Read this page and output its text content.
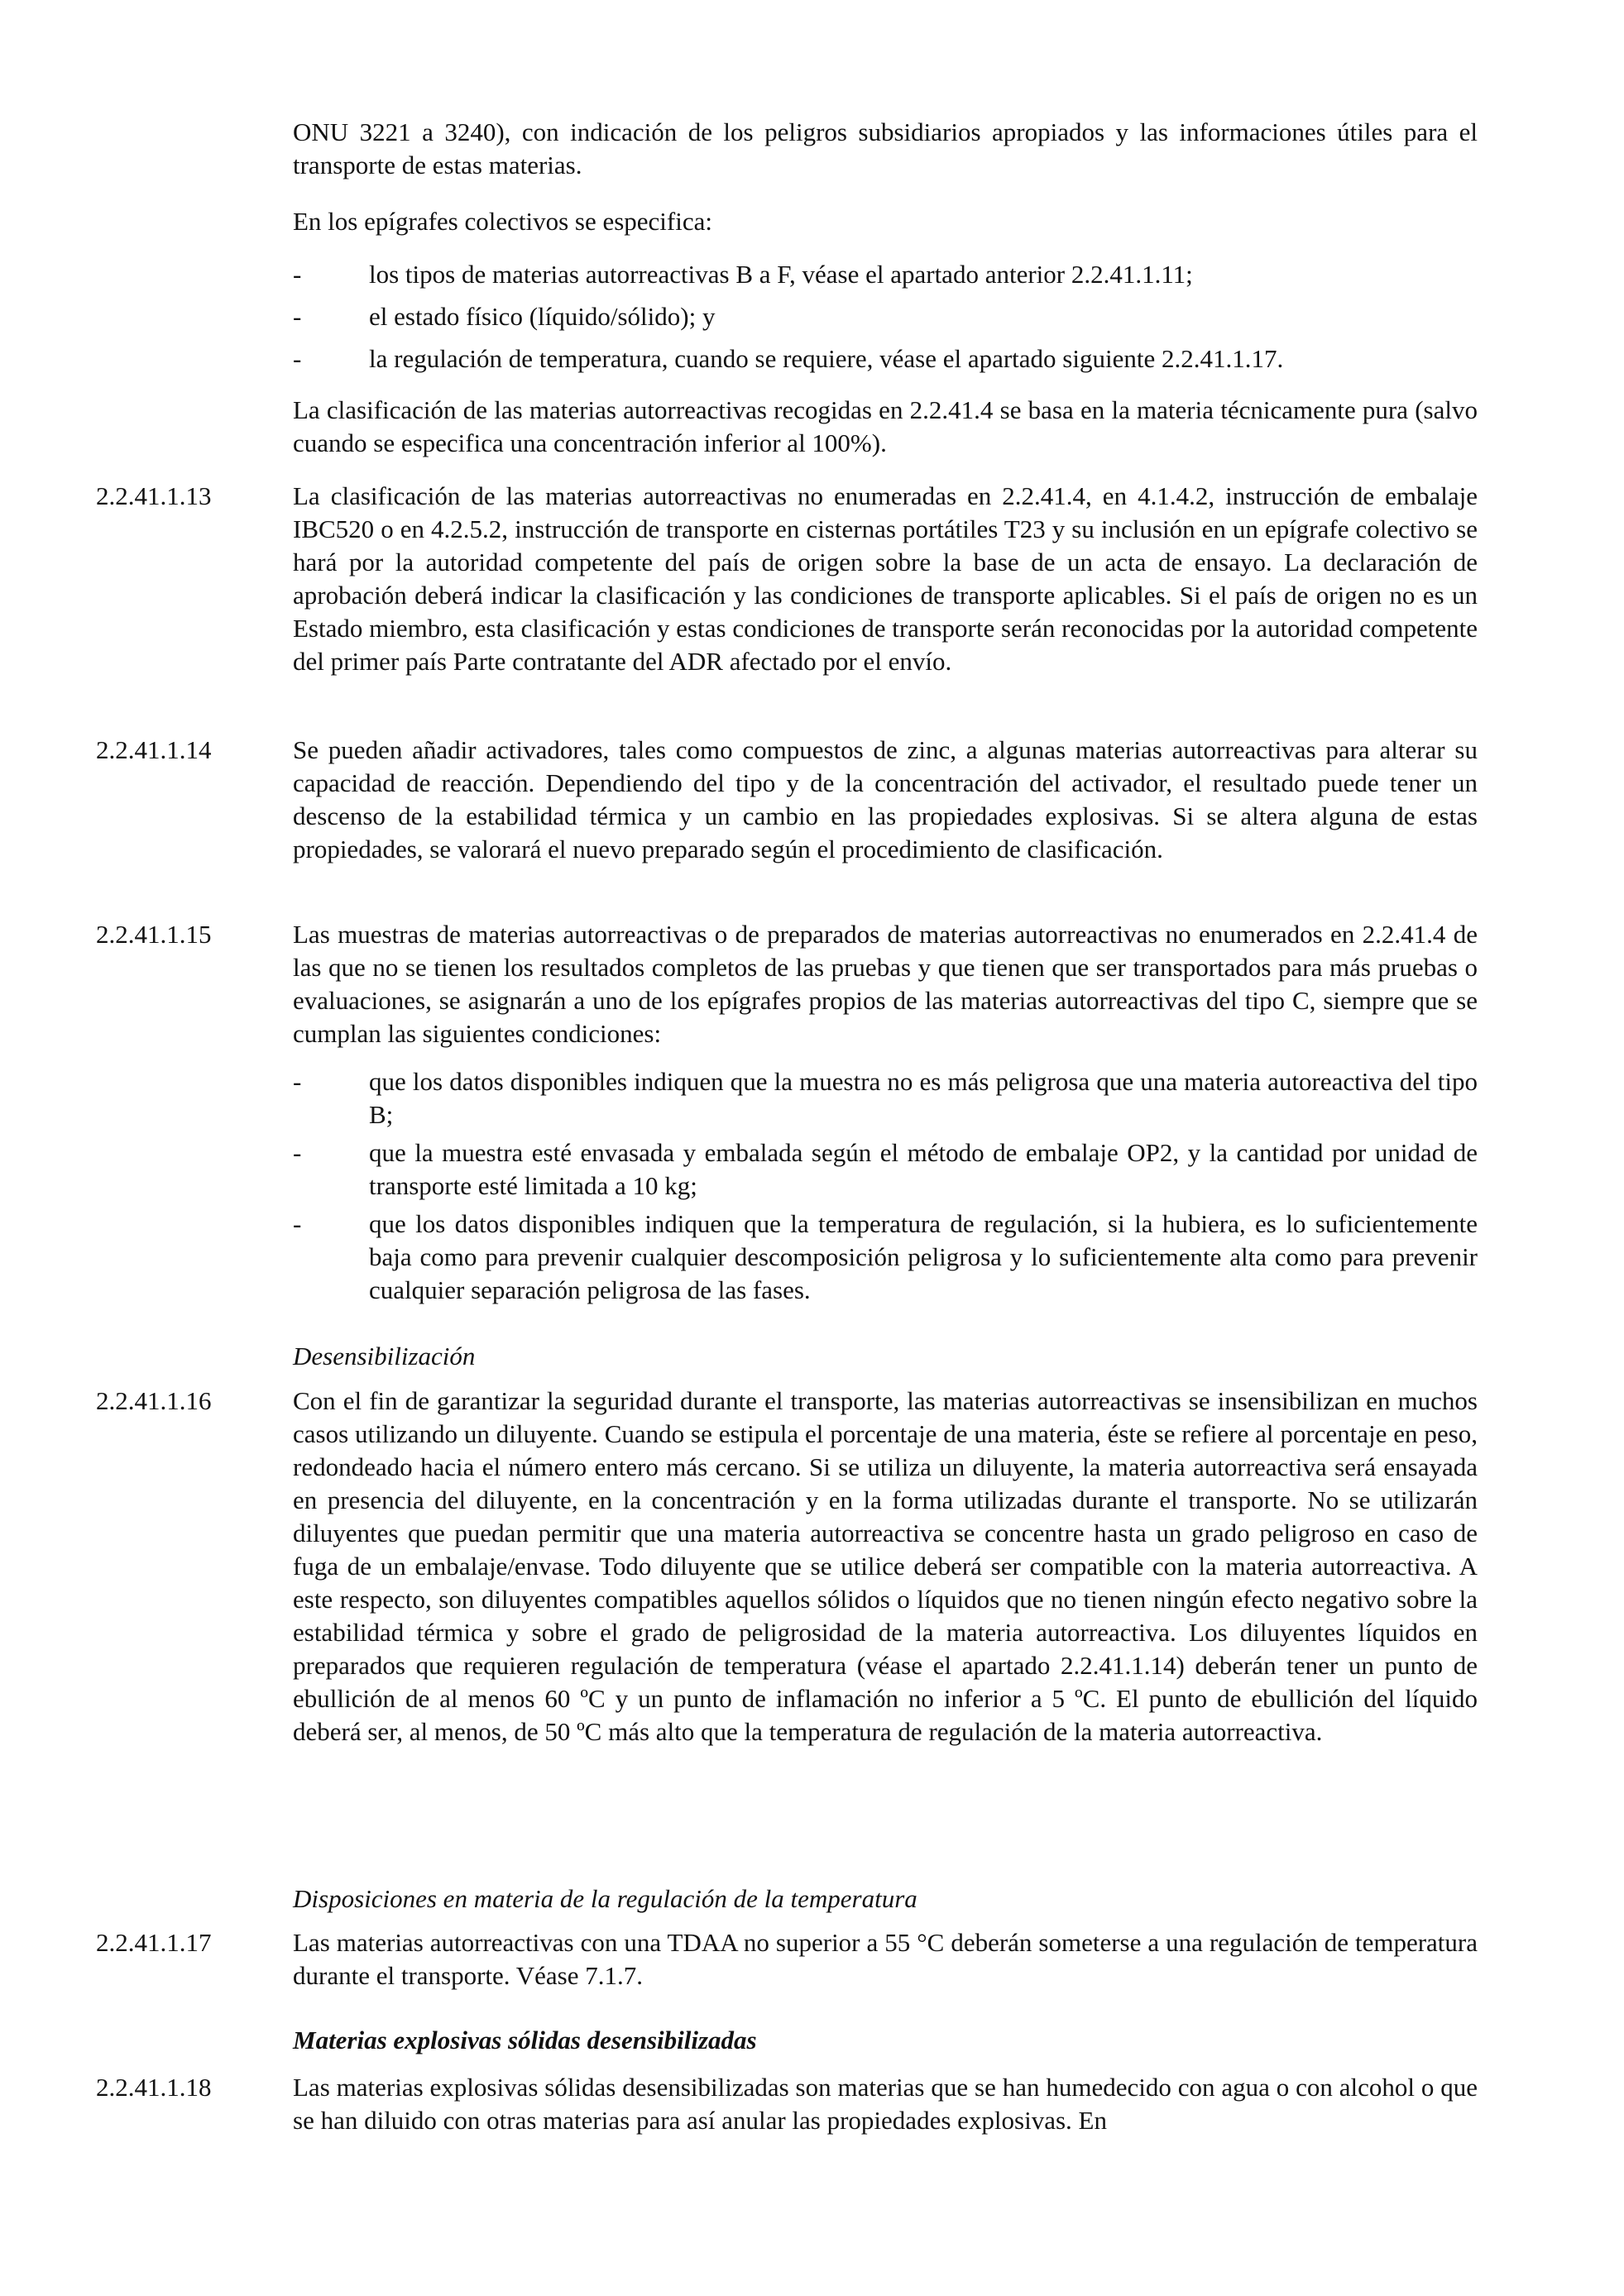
ONU 3221 a 3240), con indicación de los peligros subsidiarios apropiados y las informaciones útiles para el transporte de estas materias.

En los epígrafes colectivos se especifica:

-	los tipos de materias autorreactivas B a F, véase el apartado anterior 2.2.41.1.11;

-	el estado físico (líquido/sólido); y

-	la regulación de temperatura, cuando se requiere, véase el apartado siguiente 2.2.41.1.17.

La clasificación de las materias autorreactivas recogidas en 2.2.41.4 se basa en la materia técnicamente pura (salvo cuando se especifica una concentración inferior al 100%).

2.2.41.1.13	La clasificación de las materias autorreactivas no enumeradas en 2.2.41.4, en 4.1.4.2, instrucción de embalaje IBC520 o en 4.2.5.2, instrucción de transporte en cisternas portátiles T23 y su inclusión en un epígrafe colectivo se hará por la autoridad competente del país de origen sobre la base de un acta de ensayo. La declaración de aprobación deberá indicar la clasificación y las condiciones de transporte aplicables. Si el país de origen no es un Estado miembro, esta clasificación y estas condiciones de transporte serán reconocidas por la autoridad competente del primer país Parte contratante del ADR afectado por el envío.

2.2.41.1.14	Se pueden añadir activadores, tales como compuestos de zinc, a algunas materias autorreactivas para alterar su capacidad de reacción. Dependiendo del tipo y de la concentración del activador, el resultado puede tener un descenso de la estabilidad térmica y un cambio en las propiedades explosivas. Si se altera alguna de estas propiedades, se valorará el nuevo preparado según el procedimiento de clasificación.

2.2.41.1.15	Las muestras de materias autorreactivas o de preparados de materias autorreactivas no enumerados en 2.2.41.4 de las que no se tienen los resultados completos de las pruebas y que tienen que ser transportados para más pruebas o evaluaciones, se asignarán a uno de los epígrafes propios de las materias autorreactivas del tipo C, siempre que se cumplan las siguientes condiciones:

-	que los datos disponibles indiquen que la muestra no es más peligrosa que una materia autoreactiva del tipo B;

-	que la muestra esté envasada y embalada según el método de embalaje OP2, y la cantidad por unidad de transporte esté limitada a 10 kg;

-	que los datos disponibles indiquen que la temperatura de regulación, si la hubiera, es lo suficientemente baja como para prevenir cualquier descomposición peligrosa y lo suficientemente alta como para prevenir cualquier separación peligrosa de las fases.

Desensibilización

2.2.41.1.16	Con el fin de garantizar la seguridad durante el transporte, las materias autorreactivas se insensibilizan en muchos casos utilizando un diluyente. Cuando se estipula el porcentaje de una materia, éste se refiere al porcentaje en peso, redondeado hacia el número entero más cercano. Si se utiliza un diluyente, la materia autorreactiva será ensayada en presencia del diluyente, en la concentración y en la forma utilizadas durante el transporte. No se utilizarán diluyentes que puedan permitir que una materia autorreactiva se concentre hasta un grado peligroso en caso de fuga de un embalaje/envase. Todo diluyente que se utilice deberá ser compatible con la materia autorreactiva. A este respecto, son diluyentes compatibles aquellos sólidos o líquidos que no tienen ningún efecto negativo sobre la estabilidad térmica y sobre el grado de peligrosidad de la materia autorreactiva. Los diluyentes líquidos en preparados que requieren regulación de temperatura (véase el apartado 2.2.41.1.14) deberán tener un punto de ebullición de al menos 60 ºC y un punto de inflamación no inferior a 5 ºC. El punto de ebullición del líquido deberá ser, al menos, de 50 ºC más alto que la temperatura de regulación de la materia autorreactiva.

Disposiciones en materia de la regulación de la temperatura

2.2.41.1.17	Las materias autorreactivas con una TDAA no superior a 55 °C deberán someterse a una regulación de temperatura durante el transporte. Véase 7.1.7.

Materias explosivas sólidas desensibilizadas

2.2.41.1.18	Las materias explosivas sólidas desensibilizadas son materias que se han humedecido con agua o con alcohol o que se han diluido con otras materias para así anular las propiedades explosivas. En
